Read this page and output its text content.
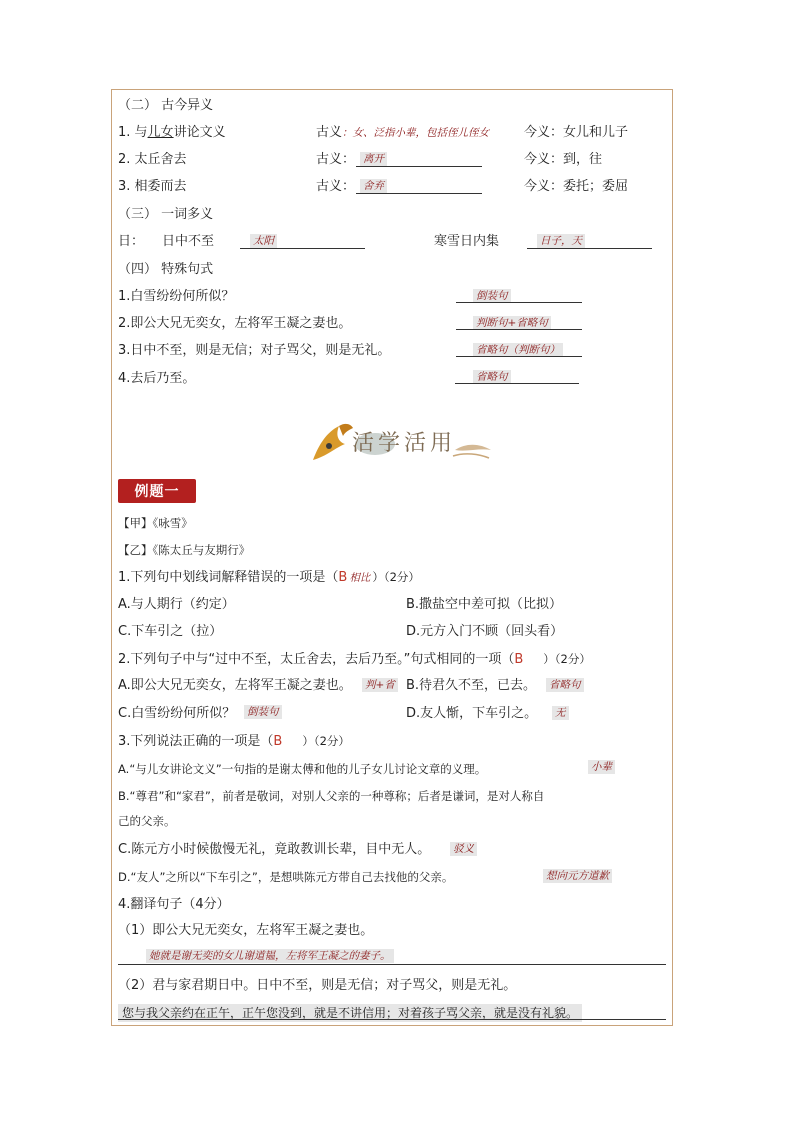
（二） 古今异义
1. 与儿女讲论文义	古义 ：女、泛指小辈，包括侄儿侄女	今义：女儿和儿子
2. 太丘舍去	古义： 离开	今义：到，往
3. 相委而去	古义： 舍弃	今义：委托；委屈
（三） 一词多义
日： 日中不至	太阳	寒雪日内集	日子，天
（四） 特殊句式
1.白雪纷纷何所似？	倒装句
2.即公大兄无奕女，左将军王凝之妻也。	判断句+省略句
3.日中不至，则是无信；对子骂父，则是无礼。	省略句（判断句）
4.去后乃至。	省略句
活学活用
例题一
【甲】《咏雪》
【乙】《陈太丘与友期行》
1.下列句中划线词解释错误的一项是（B 相比 ）（2分）
A.与人期行（约定）	B.撒盐空中差可拟（比拟）
C.下车引之（拉）	D.元方入门不顾（回头看）
2.下列句子中与“过中不至，太丘舍去，去后乃至。”句式相同的一项（B ）（2分）
A.即公大兄无奕女，左将军王凝之妻也。 判+省 B.待君久不至，已去。 省略句
C.白雪纷纷何所似？ 倒装句	D.友人惭，下车引之。 无
3.下列说法正确的一项是（B ）（2分）
A.“与儿女讲论文义”一句指的是谢太傅和他的儿子女儿讨论文章的义理。	小辈
B.“尊君”和“家君”，前者是敬词，对别人父亲的一种尊称；后者是谦词，是对人称自
己的父亲。
C.陈元方小时候傲慢无礼，竟敢教训长辈，目中无人。 驳义
D.“友人”之所以“下车引之”，是想哄陈元方带自己去找他的父亲。	想向元方道歉
4.翻译句子（4分）
（1）即公大兄无奕女，左将军王凝之妻也。
她就是谢无奕的女儿谢道韫，左将军王凝之的妻子。
（2）君与家君期日中。日中不至，则是无信；对子骂父，则是无礼。
您与我父亲约在正午，正午您没到，就是不讲信用；对着孩子骂父亲，就是没有礼貌。
